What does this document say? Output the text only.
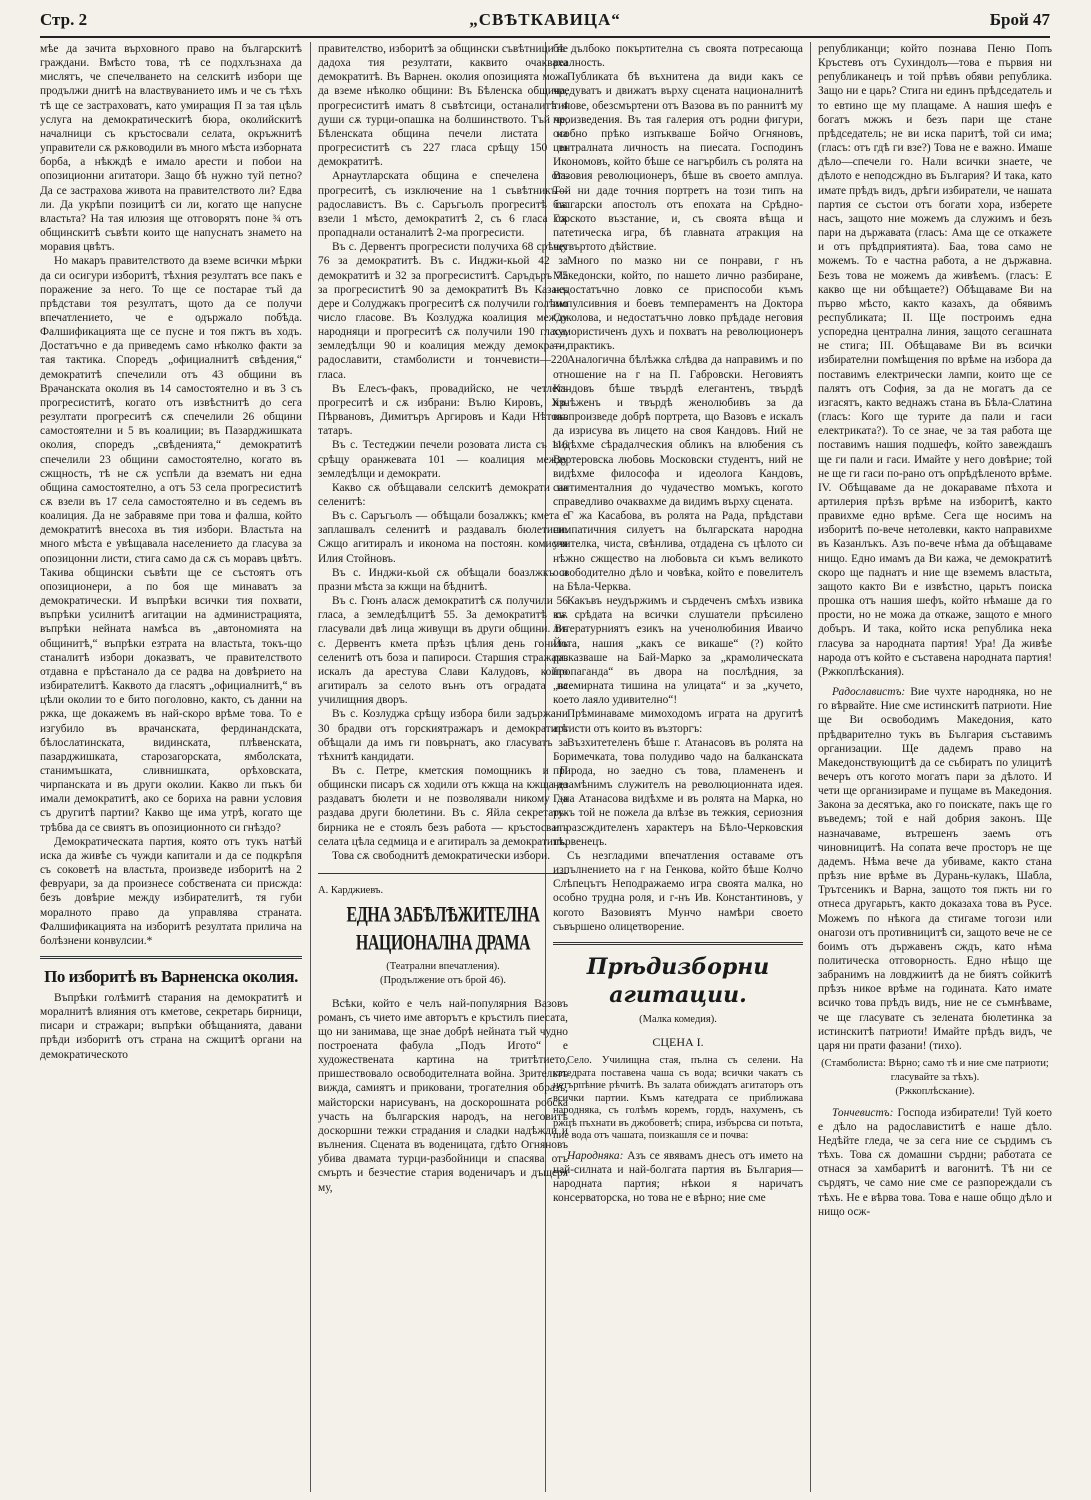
Стр. 2	„СВѢТКАВИЦА“	Брой 47

мѣе да зачита върховного право на българскитѣ граждани. Вмѣсто това, тѣ се подхлъзнаха да мислятъ, че спечелването на селскитѣ избори ще продължи днитѣ на властвуванието имъ и че съ тѣхъ тѣ ще се застраховатъ, като умиращия П за тая цѣль услуга на демократическитѣ бюра, околийскитѣ началници съ кръстосвали селата, окръжнитѣ управители сѫ рѫководили въ много мѣста изборната борба, а нѣкждѣ е имало арести и побои на опозиционни агитатори. Защо бѣ нужно туй петно? Да се застрахова живота на правителството ли? Едва ли. Да укрѣпи позицитѣ си ли, когато ще напусне властьта? На тая илюзия ще отговорятъ поне ¾ отъ общинскитѣ съвѣти които ще напуснатъ знамето на моравия цвѣтъ.

Но макаръ правителството да вземе всички мѣрки да си осигури изборитѣ, тѣхния резултатъ все пакъ е поражение за него. То ще се постарае тъй да прѣдстави тоя резултатъ, щото да се получи впечатлението, че е одържало побѣда. Фалшификацията ще се пусне и тоя пжтъ въ ходъ. Достатъчно е да приведемъ само нѣколко факти за тая тактика. Споредъ „официалнитѣ свѣдения,“ демократитѣ спечелили отъ 43 общини въ Врачанската околия въ 14 самостоятелно и въ 3 съ прогресиститѣ, когато отъ извѣстнитѣ до сега резултати прогреситѣ сѫ спечелили 26 общини самостоятелни и 5 въ коалиции; въ Пазарджишката околия, споредъ „свѣденията,“ демократитѣ спечелили 23 общини самостоятелно, когато въ сжщность, тѣ не сѫ успѣли да взематъ ни една община самостоятелно, а отъ 53 села прогресиститѣ сѫ взели въ 17 села самостоятелно и въ седемъ въ коалиция. Да не забравяме при това и фалша, който демократитѣ внесоха въ тия избори. Властьта на много мѣста е увѣщавала населението да гласува за опозицонни листи, стига само да сѫ съ моравъ цвѣтъ. Такива общински съвѣти ще се състоятъ отъ опозиционери, а по боя ще минаватъ за демократически. И въпрѣки всички тия похвати, въпрѣки усилнитѣ агитации на администрацията, въпрѣки нейната намѣса въ „автономията на общинитѣ,“ въпрѣки езтрата на властьта, токъ-що станалитѣ избори доказватъ, че правителството отдавна е прѣстанало да се радва на довѣрието на избирателитѣ. Каквото да гласятъ „официалнитѣ,“ въ цѣли околии то е бито поголовно, както, съ данни на ржка, ще докажемъ въ най-скоро врѣме това. То е изгубило въ врачанската, фердинандската, бѣлослатинската, видинската, плѣвенската, пазарджишката, старозагорската, ямболската, станимъшката, сливнишката, орѣховската, чирпанската и въ други околии. Какво ли пъкъ би имали демократитѣ, ако се бориха на равни условия съ другитѣ партии? Какво ще има утрѣ, когато ще трѣбва да се свиятъ въ опозиционното си гнѣздо?

Демократическата партия, която отъ тукъ натѣй иска да живѣе съ чужди капитали и да се подкрѣпя съ соковетѣ на властьта, произведе изборитѣ на 2 февруари, за да произнесе собствената си присжда: безъ довѣрие между избирателитѣ, тя губи моралното право да управлява страната. Фалшификацията на изборитѣ резултата прилича на болѣзнени конвулсии.*

По изборитѣ въ Варненска околия.

Въпрѣки голѣмитѣ старания на демократитѣ и моралнитѣ влияния отъ кметове, секретарь бирници, писари и стражари; въпрѣки обѣщанията, давани прѣди изборитѣ отъ страна на сжщитѣ органи на демократическото

правителство, изборитѣ за общински съвѣтници не дадоха тия резултати, каквито очакваха демократитѣ. Въ Варнен. околия опозицията можа да вземе нѣколко общини: Въ Бѣленска община, прогресиститѣ иматъ 8 съвѣтсици, останалитѣ 4 души сѫ турци-опашка на болшинството. Тъй че, Бѣленската община печели листата на прогресиститѣ съ 227 гласа срѣщу 150 за демократитѣ.

Арнаутларската община е спечелена отъ прогреситѣ, съ изключение на 1 съвѣтникъ—радославистъ. Въ с. Саръгьолъ прогреситѣ сѫ взели 1 мѣсто, демократитѣ 2, съ 6 гласа сѫ пропаднали останалитѣ 2-ма прогресисти.

Въ с. Дервентъ прогресисти получиха 68 срѣщу 76 за демократитѣ. Въ с. Инджи-кьой 42 за демократитѣ и 32 за прогресиститѣ. Саръдъръ 75 за прогресиститѣ 90 за демократитѣ Въ Казакъ дере и Солуджакъ прогреситѣ сѫ получили голѣмо число гласове. Въ Козлуджа коалиция между народняци и прогреситѣ сѫ получили 190 гласа, земледѣлци 90 и коалиция между демократи, радославити, стамболисти и тончевисти—220 гласа.

Въ Елесъ-факъ, провадийско, не четлетъ прогреситѣ и сѫ избрани: Вълю Кировъ, Хр. Пѣрвановъ, Димитъръ Аргировъ и Кади Нѣтовъ татаръ.

Въ с. Тестеджии печели розовата листа съ 116 срѣщу оранжевата 101 — коалиция между земледѣлци и демократи.

Какво сѫ обѣщавали селскитѣ демократи на селенитѣ:

Въ с. Саръгьолъ — обѣщали бозалжкъ; кмета е заплашвалъ селенитѣ и раздавалъ бюлетини. Сжщо агитиралъ и иконома на постоян. комисия Илия Стойновъ.

Въ с. Инджи-кьой сѫ обѣщали боазлжкъ и празни мѣста за кжщи на бѣднитѣ.

Въ с. Гюнъ аласж демократитѣ сѫ получили 56 гласа, а земледѣлцитѣ 55. За демократитѣ сѫ гласували двѣ лица живущи въ други общини. Въ с. Дервентъ кмета прѣзъ цѣлия день гонилъ селенитѣ отъ боза и папироси. Старшия стражаръ искалъ да арестува Слави Калудовъ, който агитиралъ за селото вънъ отъ оградата на училищния дворъ.

Въ с. Козлуджа срѣщу избора били задържани 30 брадви отъ горскиятражаръ и демократитѣ обѣщали да имъ ги повърнатъ, ако гласуватъ за тѣхнитѣ кандидати.

Въ с. Петре, кметския помощникъ и П общински писаръ сѫ ходили отъ кжща на кжща да раздаватъ бюлети и не позволявали никому да раздава други бюлетини. Въ с. Яйла секретарь-бирника не е стоялъ безъ работа — кръстосвалъ селата цѣла седмица и е агитиралъ за демократитѣ.

Това сѫ свободнитѣ демократически избори.

А. Карджиевъ.

ЕДНА ЗАБѢЛѢЖИТЕЛНА НАЦИОНАЛНА ДРАМА

(Театрални впечатления).

(Продължение отъ брой 46).

Всѣки, който е челъ най-популярния Вазовъ романъ, съ чието име авторътъ е кръстилъ пиесата, що ни занимава, ще знае добрѣ нейната тъй чудно построената фабула „Подъ Игото“ е художествената картина на тритѣтието, пришествовало освободителната война. Зрительтъ вижда, самиятъ и приковани, трогателния образъ, майсторски нарисуванъ, на доскорошната робска участь на българския народъ, на неговитѣ доскоршни тежки страдания и сладки надѣжди и вълнения. Сцената въ воденицата, гдѣто Огняновъ убива двамата турци-разбойници и спасява отъ смърть и безчестие стария воденичаръ и дъщеря му,

бѣ дълбоко покъртителна съ своята потресающа реалность.

Публиката бѣ въхнитена да види какъ се чредуватъ и движатъ върху сцената националнитѣ типове, обезсмъртени отъ Вазова въ по раннитѣ му произведения. Въ тая галерия отъ родни фигури, особно прѣко изпъкваше Бойчо Огняновъ, централната личность на пиесата. Господинъ Икономовъ, който бѣше се нагърбилъ съ ролята на Вазовия революционеръ, бѣше въ своето амплуа. Той ни даде точния портретъ на този типъ на български апостолъ отъ епохата на Срѣдно-Горското възстание, и, съ своята вѣща и патетическа игра, бѣ главната атракция на четвъртото дѣйствие.

Много по мазко ни се понрави, г нъ Македонски, който, по нашето лично разбиране, недостатъчно ловко се приспособи къмъ импулсивния и боевъ темпераментъ на Доктора Соколова, и недостатъчно ловко прѣдаде неговия хумористиченъ духъ и похватъ на революционеръ — практикъ.

Аналогична бѣлѣжка слѣдва да направимъ и по отношение на г на П. Габровски. Неговиятъ Кандовъ бѣше твърдѣ елегантенъ, твърдѣ изнѣженъ и твърдѣ женолюбивъ за да възпроизведе добрѣ портрета, що Вазовъ е искалъ да изрисува въ лицето на своя Кандовъ. Ний не видѣхме сѣрадалческия обликъ на влюбения съ Вертеровска любовь Московски студентъ, ний не видѣхме философа и идеолога Кандовъ, сантименталния до чудачество момъкъ, когото справедливо очаквахме да видимъ върху сцената.

Г жа Касабова, въ ролята на Рада, прѣдстави симпатичния силуетъ на българската народна учителка, чиста, свѣнлива, отдадена съ цѣлото си нѣжно сжщество на любовьта си къмъ великото освободително дѣло и човѣка, който е повелителъ на Бѣла-Черква.

Какъвъ неудържимъ и сърдеченъ смѣхъ извика въ срѣдата на всички слушатели прѣсилено литературниятъ езикъ на ученолюбиния Иваичо Йота, нашия „какъ се викаше“ (?) който разказваше на Бай-Марко за „крамолическата пропаганда“ въ двора на послѣдния, за „всемирната тишина на улицата“ и за „кучето, което лаяло удивително“!

Прѣминаваме мимоходомъ играта на другитѣ артисти отъ които въ възторгъ:

Възхитетеленъ бѣше г. Атанасовъ въ ролята на Боримечката, това полудиво чадо на балканската природа, но заедно съ това, пламененъ и незамѣнимъ служителъ на революционната идея. Г-на Атанасова видѣхме и въ ролята на Марка, но тукъ той не пожела да влѣзе въ тежкия, сериозния и разсждителенъ характеръ на Бѣло-Черковския първенецъ.

Съ незгладими впечатления оставаме отъ изпълнението на г на Генкова, който бѣше Колчо Слѣпецътъ Неподражаемо игра своята малка, но особно трудна роля, и г-нъ Ив. Константиновъ, у когото Вазовиятъ Мунчо намѣри своето съвършено олицетворение.

Прѣдизборни агитации.

(Малка комедия).

СЦЕНА I.

Село. Училищна стая, пълна съ селени. На катедрата поставена чаша съ вода; всички чакатъ съ нетърпѣние рѣчитѣ. Въ залата обиждатъ агитаторъ отъ всички партии. Къмъ катедрата се приближава народняка, съ голѣмъ коремъ, гордъ, нахуменъ, съ ржцѣ пъхнати въ джобоветѣ; спира, избърсва си потьта, пие вода отъ чашата, поизкашля се и почва:

Народняка: Азъ се явявамъ днесъ отъ името на най-силната и най-болгата партия въ България—народната партия; нѣкои я наричатъ консерваторска, но това не е вѣрно; ние сме

републиканци; който познава Пеню Попъ Кръстевъ отъ Сухиндолъ—това е първия ни републиканецъ и той прѣвъ обяви република. Защо ни е царь? Стига ни единъ прѣдседатель и то евтино ще му плащаме. А нашия шефъ е богатъ мжжъ и безъ пари ще стане прѣдседатель; не ви иска паритѣ, той си има; (гласъ: отъ гдѣ ги взе?) Това не е важно. Имаше дѣло—спечели го. Нали всички знаете, че дѣлото е неподсждно въ България? И така, като имате прѣдъ видъ, дрѣги избиратели, че нашата партия се състои отъ богати хора, изберете насъ, защото ние можемъ да служимъ и безъ пари на държавата (гласъ: Ама ще се откажете и отъ прѣдприятията). Баа, това само не можемъ. То е частна работа, а не държавна. Безъ това не можемъ да живѣемъ. (гласъ: Е какво ще ни обѣщаете?) Обѣщаваме Ви на първо мѣсто, както казахъ, да обявимъ республиката; II. Ще построимъ една успоредна централна линия, защото сегашната не стига; III. Обѣщаваме Ви въ всички избирателни помѣщения по врѣме на избора да поставимъ електрически лампи, които ще се палятъ отъ София, за да не могатъ да се изгасятъ, както веднажъ стана въ Бѣла-Слатина (гласъ: Кого ще турите да пали и гаси електриката?). То се знае, че за тая работа ще поставимъ нашия подшефъ, който завеждашъ ще ги пали и гаси. Имайте у него довѣрие; той не ще ги гаси по-рано отъ опрѣдѣленото врѣме. IV. Обѣщаваме да не докараваме пѣхота и артилерия прѣзъ врѣме на изборитѣ, както правихме едно врѣме. Сега ще носимъ на изборитѣ по-вече нетолевки, както направихме въ Казанлъкъ. Азъ по-вече нѣма да обѣщаваме нищо. Едно имамъ да Ви кажа, че демократитѣ скоро ще паднатъ и ние ще вземемъ властьта, защото както Ви е извѣстно, царьтъ поиска прошка отъ нашия шефъ, който нѣмаше да го прости, но не можа да откаже, защото е много добъръ. И така, който иска република нека гласува за народната партия! Ура! Да живѣе народа отъ който е съставена народната партия! (Ржкоплѣскания).

Радославистъ: Вие чухте народняка, но не го вѣрвайте. Ние сме истинскитѣ патриоти. Ние ще Ви освободимъ Македония, като прѣдварително тукъ въ България съставимъ организации. Ще дадемъ право на Македонствующитѣ да се събиратъ по улицитѣ вечеръ отъ когото могатъ пари за дѣлото. И чети ще организираме и пущаме въ Македония. Закона за десятъка, ако го поискате, пакъ ще го въведемъ; той е най добрия законъ. Ще назначаваме, вътрешенъ заемъ отъ чиновницитѣ. На сопата вече просторъ не ще дадемъ. Нѣма вече да убиваме, както стана прѣзъ ние врѣме въ Дурань-кулакъ, Шабла, Трътсеникъ и Варна, защото тоя пжть ни го отнеса другарьтъ, както доказаха това въ Русе. Можемъ по нѣкога да стигаме тогози или онагози отъ противницитѣ си, защото вече не се боимъ отъ държавенъ сждъ, като нѣма политическа отговорность. Едно нѣщо ще забранимъ на ловджиитѣ да не биятъ сойкитѣ прѣзъ никое врѣме на годината. Като имате всичко това прѣдъ видъ, ние не се съмнѣваме, че ще гласувате съ зелената бюлетинка за истинскитѣ патриоти! Имайте прѣдъ видъ, че царя ни прати фазани! (тихо).

(Стамболиста: Вѣрно; само тѣ и ние сме патриоти; гласувайте за тѣхъ).

(Ржкоплѣскание).

Тончевистъ: Господа избиратели! Туй което е дѣло на радославиститѣ е наше дѣло. Недѣйте гледа, че за сега ние се сърдимъ съ тѣхъ. Това сѫ домашни сърдни; работата се отнася за хамбаритѣ и вагонитѣ. Тѣ ни се сърдятъ, че само ние сме се разпореждали съ тѣхъ. Не е вѣрва това. Това е наше общо дѣло и нищо осж-
